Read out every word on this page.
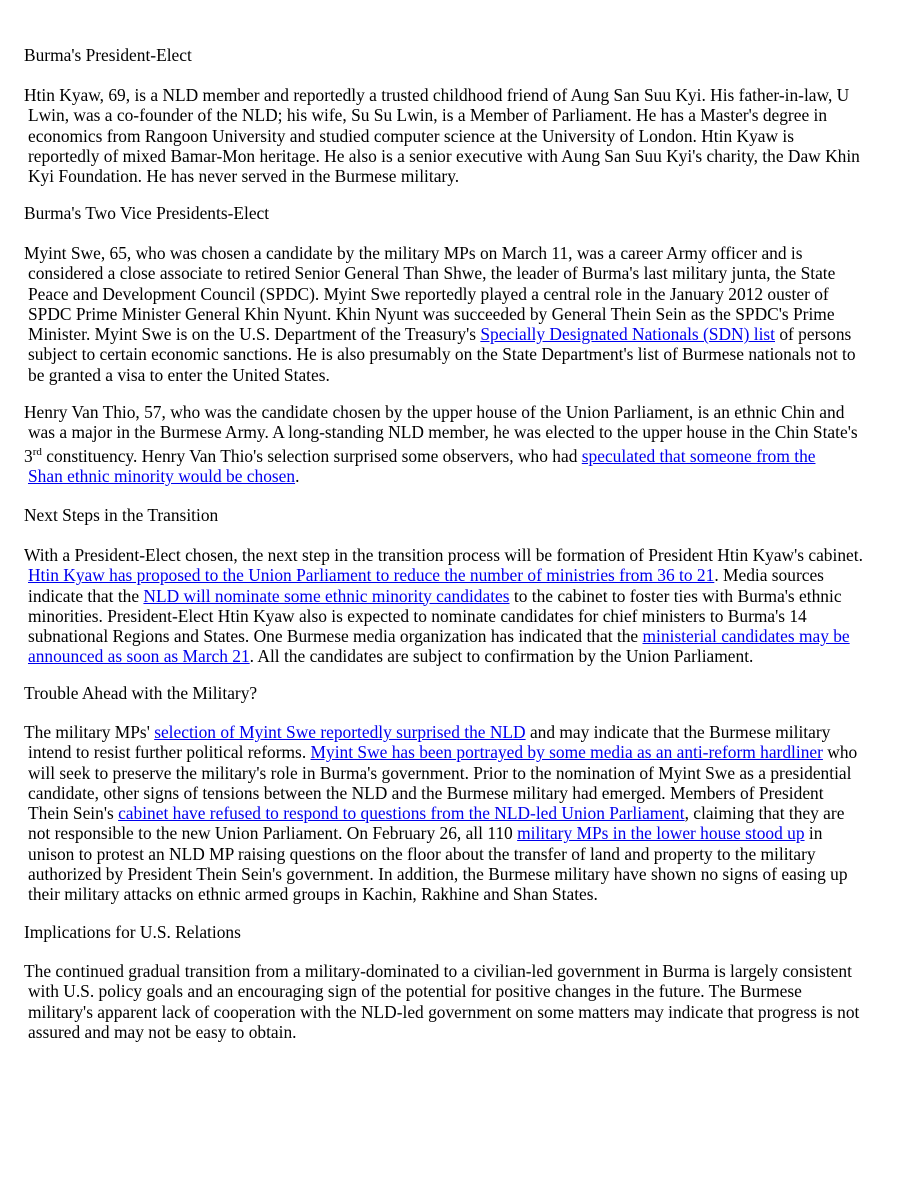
Burma's President-Elect

Htin Kyaw, 69, is a NLD member and reportedly a trusted childhood friend of Aung San Suu Kyi. His father-in-law, U
Lwin, was a co-founder of the NLD; his wife, Su Su Lwin, is a Member of Parliament. He has a Master's degree in
economics from Rangoon University and studied computer science at the University of London. Htin Kyaw is
reportedly of mixed Bamar-Mon heritage. He also is a senior executive with Aung San Suu Kyi's charity, the Daw Khin
Kyi Foundation. He has never served in the Burmese military.

Burma's Two Vice Presidents-Elect

Myint Swe, 65, who was chosen a candidate by the military MPs on March 11, was a career Army officer and is
considered a close associate to retired Senior General Than Shwe, the leader of Burma's last military junta, the State
Peace and Development Council (SPDC). Myint Swe reportedly played a central role in the January 2012 ouster of
SPDC Prime Minister General Khin Nyunt. Khin Nyunt was succeeded by General Thein Sein as the SPDC's Prime
Minister. Myint Swe is on the U.S. Department of the Treasury's Specially Designated Nationals (SDN) list of persons
subject to certain economic sanctions. He is also presumably on the State Department's list of Burmese nationals not to
be granted a visa to enter the United States.

Henry Van Thio, 57, who was the candidate chosen by the upper house of the Union Parliament, is an ethnic Chin and
was a major in the Burmese Army. A long-standing NLD member, he was elected to the upper house in the Chin State's
3rd constituency. Henry Van Thio's selection surprised some observers, who had speculated that someone from the
Shan ethnic minority would be chosen.

Next Steps in the Transition

With a President-Elect chosen, the next step in the transition process will be formation of President Htin Kyaw's cabinet.
Htin Kyaw has proposed to the Union Parliament to reduce the number of ministries from 36 to 21. Media sources
indicate that the NLD will nominate some ethnic minority candidates to the cabinet to foster ties with Burma's ethnic
minorities. President-Elect Htin Kyaw also is expected to nominate candidates for chief ministers to Burma's 14
subnational Regions and States. One Burmese media organization has indicated that the ministerial candidates may be
announced as soon as March 21. All the candidates are subject to confirmation by the Union Parliament.

Trouble Ahead with the Military?

The military MPs' selection of Myint Swe reportedly surprised the NLD and may indicate that the Burmese military
intend to resist further political reforms. Myint Swe has been portrayed by some media as an anti-reform hardliner who
will seek to preserve the military's role in Burma's government. Prior to the nomination of Myint Swe as a presidential
candidate, other signs of tensions between the NLD and the Burmese military had emerged. Members of President
Thein Sein's cabinet have refused to respond to questions from the NLD-led Union Parliament, claiming that they are
not responsible to the new Union Parliament. On February 26, all 110 military MPs in the lower house stood up in
unison to protest an NLD MP raising questions on the floor about the transfer of land and property to the military
authorized by President Thein Sein's government. In addition, the Burmese military have shown no signs of easing up
their military attacks on ethnic armed groups in Kachin, Rakhine and Shan States.

Implications for U.S. Relations

The continued gradual transition from a military-dominated to a civilian-led government in Burma is largely consistent
with U.S. policy goals and an encouraging sign of the potential for positive changes in the future. The Burmese
military's apparent lack of cooperation with the NLD-led government on some matters may indicate that progress is not
assured and may not be easy to obtain.
